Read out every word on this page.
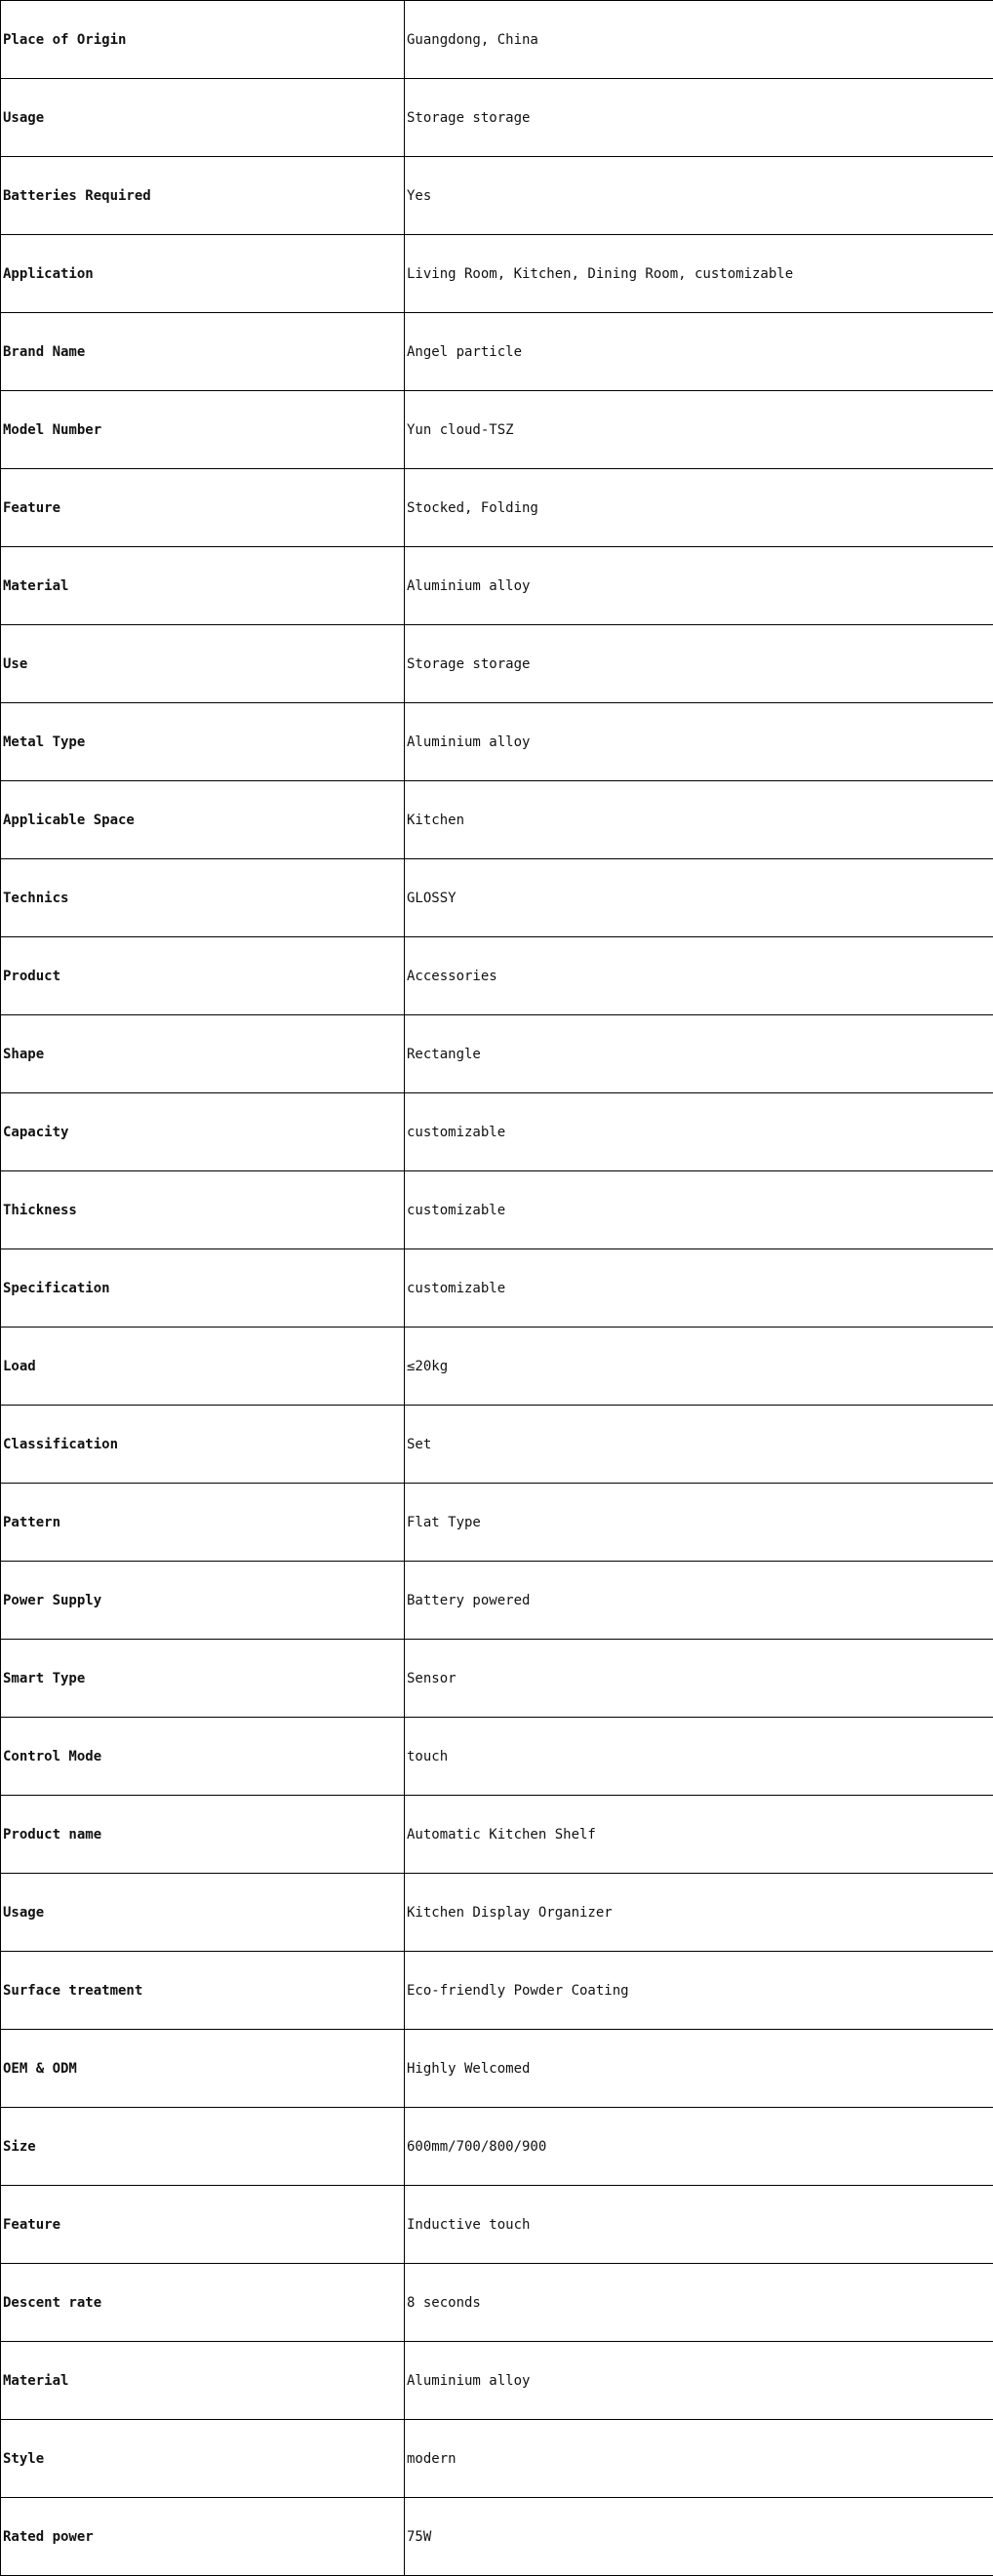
Place of Origin	Guangdong, China
Usage	Storage storage
Batteries Required	Yes
Application	Living Room, Kitchen, Dining Room, customizable
Brand Name	Angel particle
Model Number	Yun cloud-TSZ
Feature	Stocked, Folding
Material	Aluminium alloy
Use	Storage storage
Metal Type	Aluminium alloy
Applicable Space	Kitchen
Technics	GLOSSY
Product	Accessories
Shape	Rectangle
Capacity	customizable
Thickness	customizable
Specification	customizable
Load	≤20kg
Classification	Set
Pattern	Flat Type
Power Supply	Battery powered
Smart Type	Sensor
Control Mode	touch
Product name	Automatic Kitchen Shelf
Usage	Kitchen Display Organizer
Surface treatment	Eco-friendly Powder Coating
OEM & ODM	Highly Welcomed
Size	600mm/700/800/900
Feature	Inductive touch
Descent rate	8 seconds
Material	Aluminium alloy
Style	modern
Rated power	75W
